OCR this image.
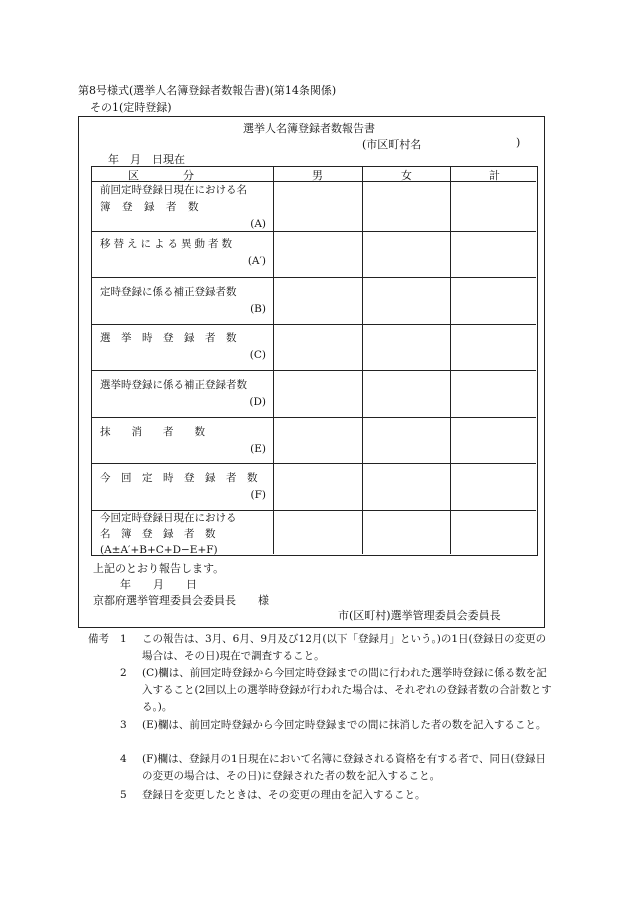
第8号様式(選挙人名簿登録者数報告書)(第14条関係)
その1(定時登録)
選挙人名簿登録者数報告書
(市区町村名	)
年　月　日現在
区　　　　分	男	女	計
前回定時登録日現在における名
簿　登　録　者　数
(A)
移替えによる異動者数
(A′)
定時登録に係る補正登録者数
(B)
選　挙　時　登　録　者　数
(C)
選挙時登録に係る補正登録者数
(D)
抹　　消　　者　　数
(E)
今　回　定　時　登　録　者　数
(F)
今回定時登録日現在における
名　簿　登　録　者　数
(A±A′+B+C+D−E+F)
上記のとおり報告します。
年　　月　　日
京都府選挙管理委員会委員長　　様
市(区町村)選挙管理委員会委員長
備考 1 この報告は、3月、6月、9月及び12月(以下「登録月」という。)の1日(登録日の変更の場合は、その日)現在で調査すること。
2 (C)欄は、前回定時登録から今回定時登録までの間に行われた選挙時登録に係る数を記入すること(2回以上の選挙時登録が行われた場合は、それぞれの登録者数の合計数とする。)。
3 (E)欄は、前回定時登録から今回定時登録までの間に抹消した者の数を記入すること。
4 (F)欄は、登録月の1日現在において名簿に登録される資格を有する者で、同日(登録日の変更の場合は、その日)に登録された者の数を記入すること。
5 登録日を変更したときは、その変更の理由を記入すること。
